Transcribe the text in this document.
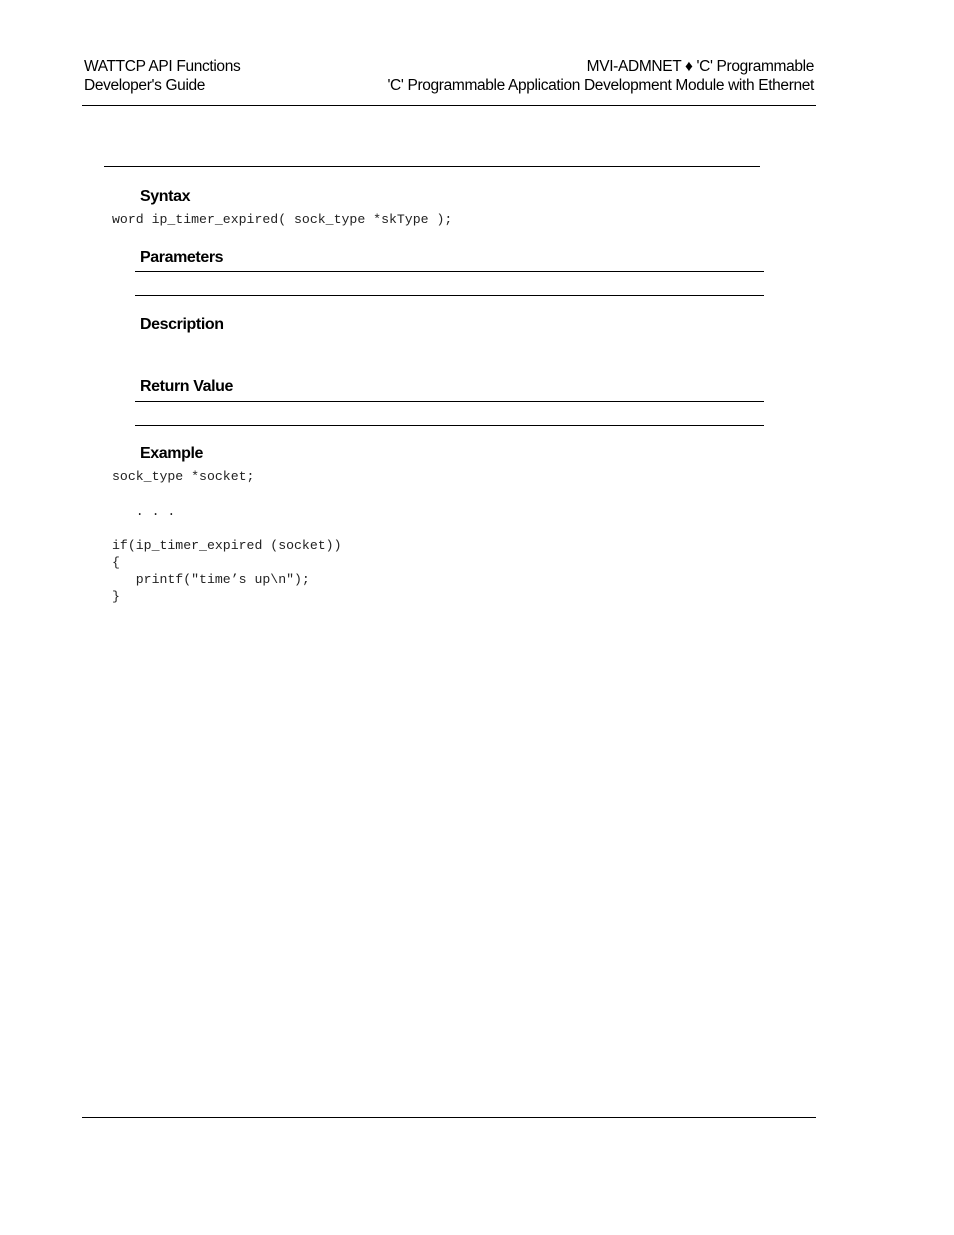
WATTCP API Functions
Developer's Guide
MVI-ADMNET ♦ 'C' Programmable
'C' Programmable Application Development Module with Ethernet
Syntax
word ip_timer_expired( sock_type *skType );
Parameters
Description
Return Value
Example
sock_type *socket;
. . .
if(ip_timer_expired (socket))
{
printf("time’s up\n");
}
